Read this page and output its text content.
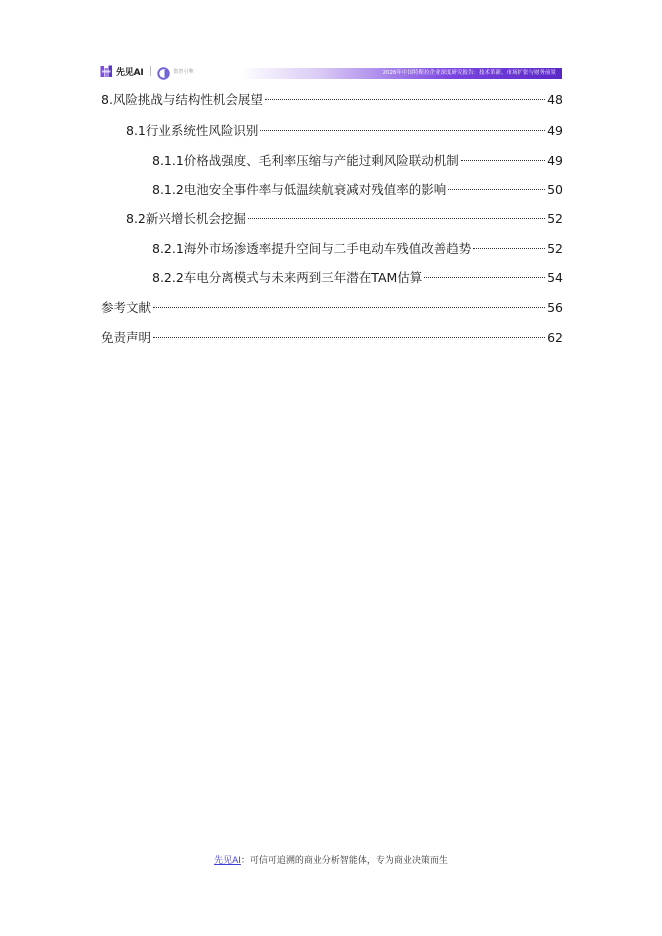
先见AI	数智引擎	2026年中国特斯拉企业深度研究报告：技术革新、市场扩张与财务前景
8.风险挑战与结构性机会展望	48
8.1行业系统性风险识别	49
8.1.1价格战强度、毛利率压缩与产能过剩风险联动机制	49
8.1.2电池安全事件率与低温续航衰减对残值率的影响	50
8.2新兴增长机会挖掘	52
8.2.1海外市场渗透率提升空间与二手电动车残值改善趋势	52
8.2.2车电分离模式与未来两到三年潜在TAM估算	54
参考文献	56
免责声明	62
先见AI：可信可追溯的商业分析智能体，专为商业决策而生
